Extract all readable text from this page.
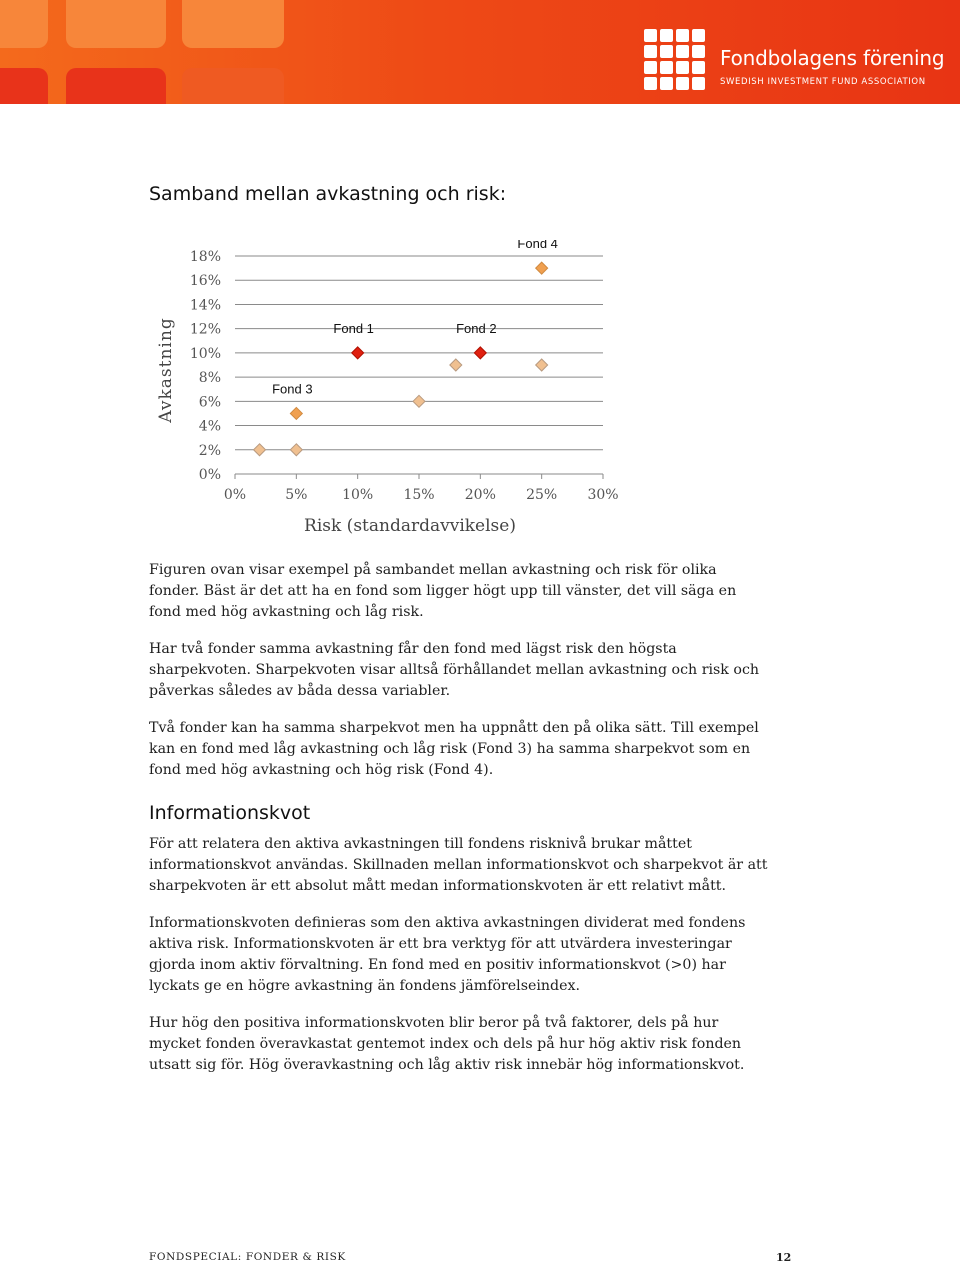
Fondbolagens förening
SWEDISH INVESTMENT FUND ASSOCIATION
Samband mellan avkastning och risk:
0%
2%
4%
6%
8%
10%
12%
14%
16%
18%
0%	5% 10% 15% 20% 25% 30%
Fond 3
Fond 4
Fond 1	Fond 2
Risk (standardavvikelse)
Avkastning

Figuren ovan visar exempel på sambandet mellan avkastning och risk för olika fonder. Bäst är det att ha en fond som ligger högt upp till vänster, det vill säga en fond med hög avkastning och låg risk.

Har två fonder samma avkastning får den fond med lägst risk den högsta sharpekvoten. Sharpekvoten visar alltså förhållandet mellan avkastning och risk och påverkas således av båda dessa variabler.

Två fonder kan ha samma sharpekvot men ha uppnått den på olika sätt. Till exempel kan en fond med låg avkastning och låg risk (Fond 3) ha samma sharpekvot som en fond med hög avkastning och hög risk (Fond 4).

Informationskvot

För att relatera den aktiva avkastningen till fondens risknivå brukar måttet informationskvot användas. Skillnaden mellan informationskvot och sharpekvot är att sharpekvoten är ett absolut mått medan informationskvoten är ett relativt mått.

Informationskvoten definieras som den aktiva avkastningen dividerat med fondens aktiva risk. Informationskvoten är ett bra verktyg för att utvärdera investeringar gjorda inom aktiv förvaltning. En fond med en positiv informationskvot (>0) har lyckats ge en högre avkastning än fondens jämförelseindex.

Hur hög den positiva informationskvoten blir beror på två faktorer, dels på hur mycket fonden överavkastat gentemot index och dels på hur hög aktiv risk fonden utsatt sig för. Hög överavkastning och låg aktiv risk innebär hög informationskvot.

FONDSPECIAL: FONDER & RISK	12
